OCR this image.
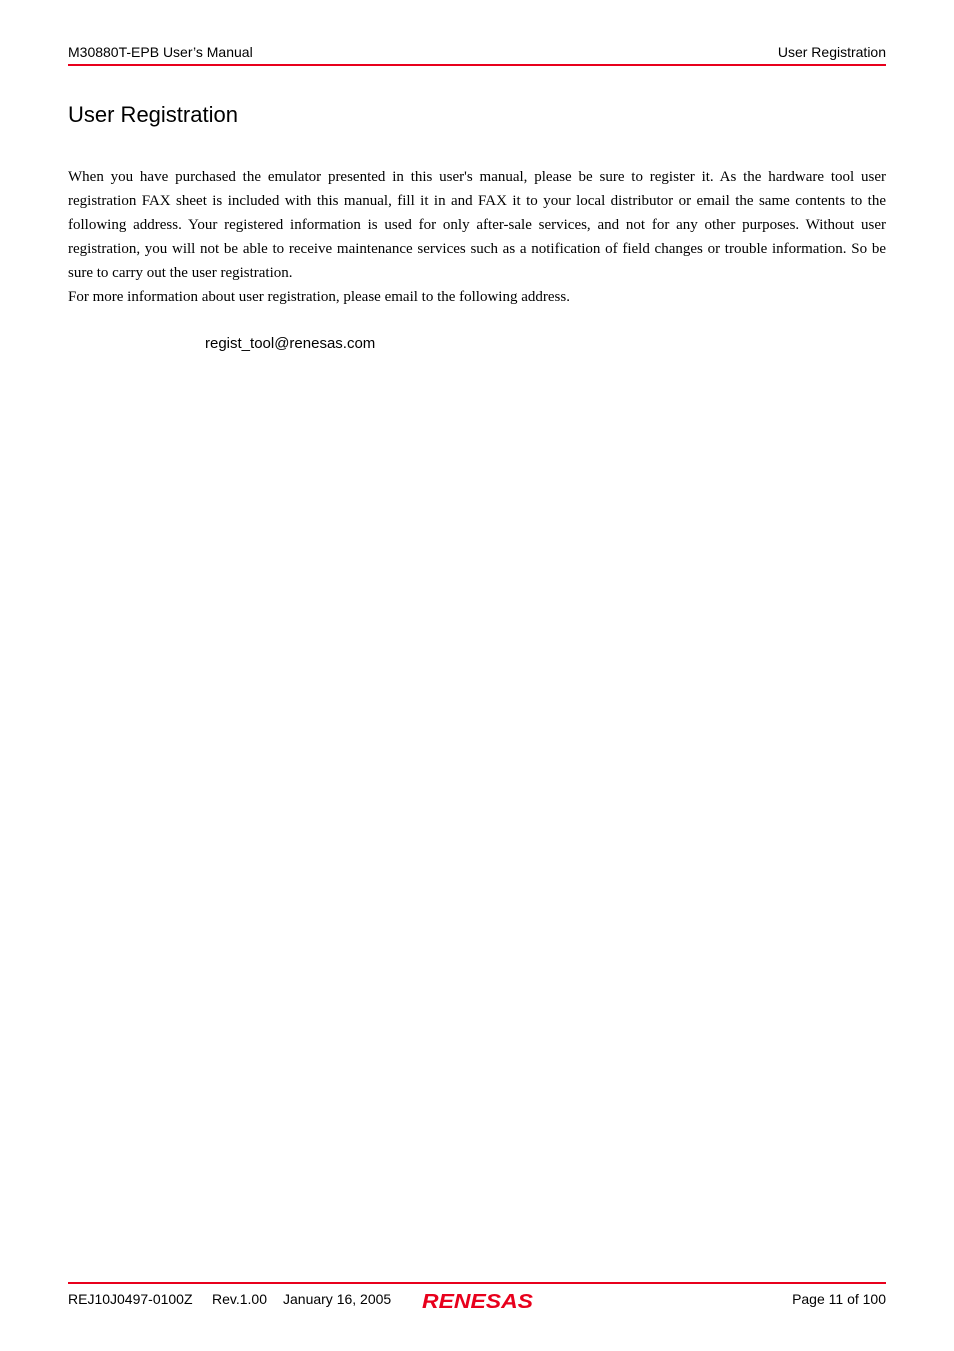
M30880T-EPB User’s Manual	User Registration
User Registration

When you have purchased the emulator presented in this user's manual, please be sure to register it. As the hardware tool user registration FAX sheet is included with this manual, fill it in and FAX it to your local distributor or email the same contents to the following address. Your registered information is used for only after-sale services, and not for any other purposes. Without user registration, you will not be able to receive maintenance services such as a notification of field changes or trouble information. So be sure to carry out the user registration.

For more information about user registration, please email to the following address.

regist_tool@renesas.com
REJ10J0497-0100Z Rev.1.00 January 16, 2005 RENESAS	Page 11 of 100
